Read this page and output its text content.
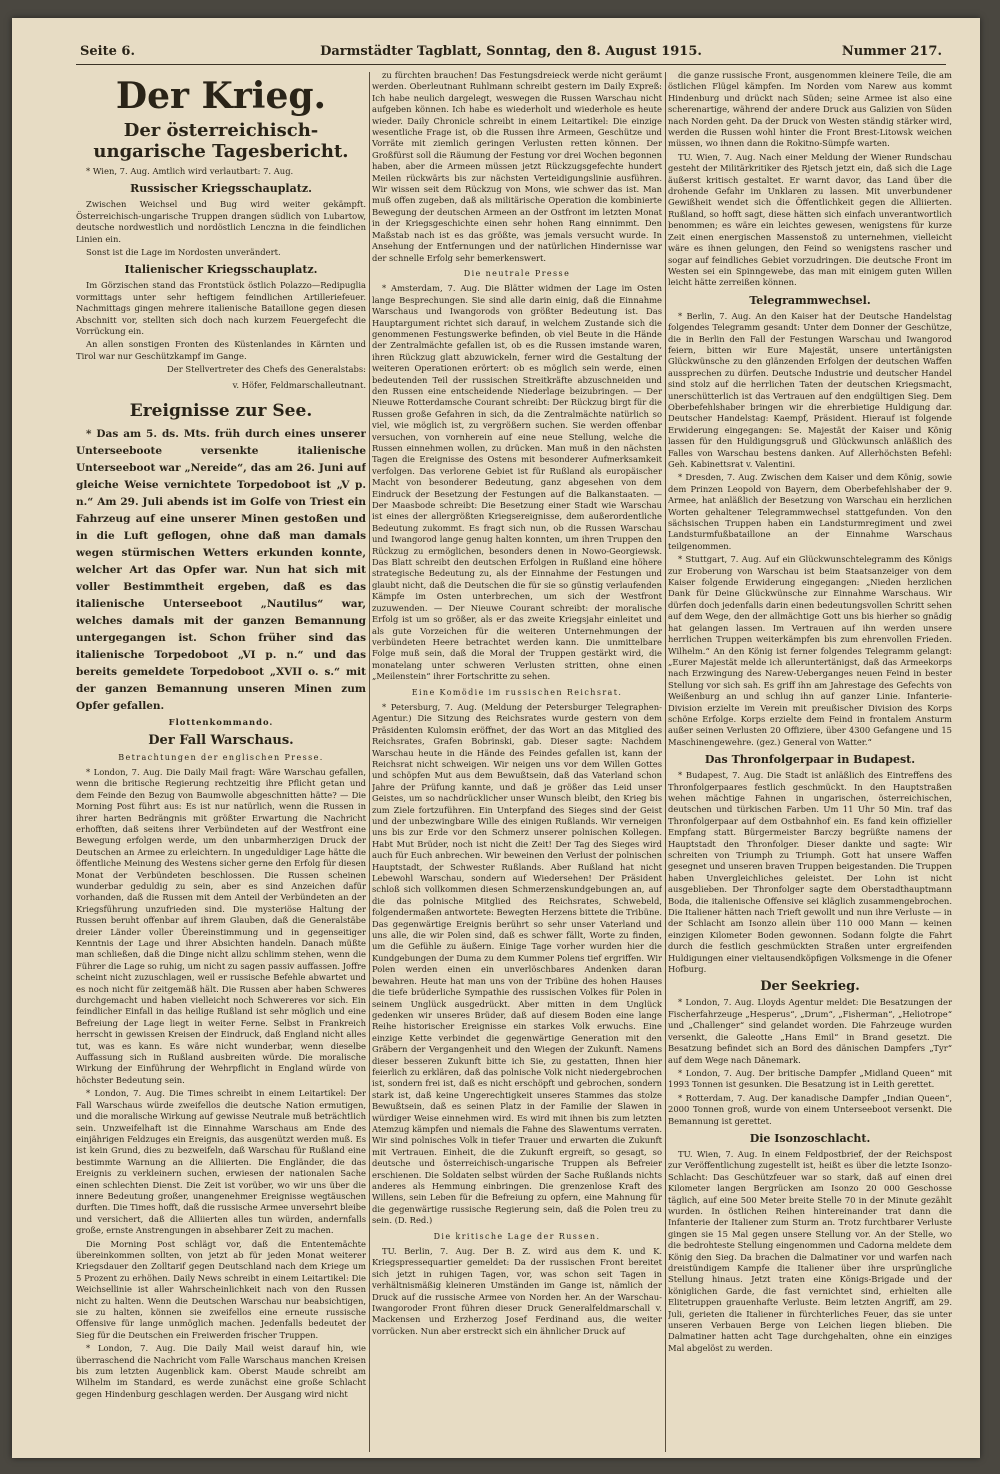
Seite 6.	Darmstädter Tagblatt, Sonntag, den 8. August 1915.	Nummer 217.
Der Krieg.
Der österreichisch-ungarische Tagesbericht.

* Wien, 7. Aug. Amtlich wird verlautbart: 7. Aug.

Russischer Kriegsschauplatz.

Zwischen Weichsel und Bug wird weiter gekämpft. Österreichisch-ungarische Truppen drangen südlich von Lubartow, deutsche nordwestlich und nordöstlich Lenczna in die feindlichen Linien ein.

Sonst ist die Lage im Nordosten unverändert.

Italienischer Kriegsschauplatz.

Im Görzischen stand das Frontstück östlich Polazzo—Redipuglia vormittags unter sehr heftigem feindlichen Artilleriefeuer. Nachmittags gingen mehrere italienische Bataillone gegen diesen Abschnitt vor, stellten sich doch nach kurzem Feuergefecht die Vorrückung ein.

An allen sonstigen Fronten des Küstenlandes in Kärnten und Tirol war nur Geschützkampf im Gange.

Der Stellvertreter des Chefs des Generalstabs:

v. Höfer, Feldmarschalleutnant.

Ereignisse zur See.

* Das am 5. ds. Mts. früh durch eines unserer Unterseeboote versenkte italienische Unterseeboot war „Nereide“, das am 26. Juni auf gleiche Weise vernichtete Torpedoboot ist „V p. n.“ Am 29. Juli abends ist im Golfe von Triest ein Fahrzeug auf eine unserer Minen gestoßen und in die Luft geflogen, ohne daß man damals wegen stürmischen Wetters erkunden konnte, welcher Art das Opfer war. Nun hat sich mit voller Bestimmtheit ergeben, daß es das italienische Unterseeboot „Nautilus“ war, welches damals mit der ganzen Bemannung untergegangen ist. Schon früher sind das italienische Torpedoboot „VI p. n.“ und das bereits gemeldete Torpedoboot „XVII o. s.“ mit der ganzen Bemannung unseren Minen zum Opfer gefallen.

Flottenkommando.

Der Fall Warschaus.

Betrachtungen der englischen Presse.

* London, 7. Aug. Die Daily Mail fragt: Wäre Warschau gefallen, wenn die britische Regierung rechtzeitig ihre Pflicht getan und dem Feinde den Bezug von Baumwolle abgeschnitten hätte? — Die Morning Post führt aus: Es ist nur natürlich, wenn die Russen in ihrer harten Bedrängnis mit größter Erwartung die Nachricht erhofften, daß seitens ihrer Verbündeten auf der Westfront eine Bewegung erfolgen werde, um den unbarmherzigen Druck der Deutschen an Armee zu erleichtern. In ungeduldiger Lage hätte die öffentliche Meinung des Westens sicher gerne den Erfolg für diesen Monat der Verbündeten beschlossen. Die Russen scheinen wunderbar geduldig zu sein, aber es sind Anzeichen dafür vorhanden, daß die Russen mit dem Anteil der Verbündeten an der Kriegsführung unzufrieden sind. Die mysteriöse Haltung der Russen beruht offenbar auf ihrem Glauben, daß die Generalstäbe dreier Länder voller Übereinstimmung und in gegenseitiger Kenntnis der Lage und ihrer Absichten handeln. Danach müßte man schließen, daß die Dinge nicht allzu schlimm stehen, wenn die Führer die Lage so ruhig, um nicht zu sagen passiv auffassen. Joffre scheint nicht zuzuschlagen, weil er russische Befehle abwartet und es noch nicht für zeitgemäß hält. Die Russen aber haben Schweres durchgemacht und haben vielleicht noch Schwereres vor sich. Ein feindlicher Einfall in das heilige Rußland ist sehr möglich und eine Befreiung der Lage liegt in weiter Ferne. Selbst in Frankreich herrscht in gewissen Kreisen der Eindruck, daß England nicht alles tut, was es kann. Es wäre nicht wunderbar, wenn dieselbe Auffassung sich in Rußland ausbreiten würde. Die moralische Wirkung der Einführung der Wehrpflicht in England würde von höchster Bedeutung sein.

* London, 7. Aug. Die Times schreibt in einem Leitartikel: Der Fall Warschaus würde zweifellos die deutsche Nation ermutigen, und die moralische Wirkung auf gewisse Neutrale muß beträchtlich sein. Unzweifelhaft ist die Einnahme Warschaus am Ende des einjährigen Feldzuges ein Ereignis, das ausgenützt werden muß. Es ist kein Grund, dies zu bezweifeln, daß Warschau für Rußland eine bestimmte Warnung an die Alliierten. Die Engländer, die das Ereignis zu verkleinern suchen, erwiesen der nationalen Sache einen schlechten Dienst. Die Zeit ist vorüber, wo wir uns über die innere Bedeutung großer, unangenehmer Ereignisse wegtäuschen durften. Die Times hofft, daß die russische Armee unversehrt bleibe und versichert, daß die Alliierten alles tun würden, andernfalls große, ernste Anstrengungen in absehbarer Zeit zu machen.

Die Morning Post schlägt vor, daß die Ententemächte übereinkommen sollten, von jetzt ab für jeden Monat weiterer Kriegsdauer den Zolltarif gegen Deutschland nach dem Kriege um 5 Prozent zu erhöhen. Daily News schreibt in einem Leitartikel: Die Weichsellinie ist aller Wahrscheinlichkeit nach von den Russen nicht zu halten. Wenn die Deutschen Warschau nur beabsichtigen, sie zu halten, können sie zweifellos eine erneute russische Offensive für lange unmöglich machen. Jedenfalls bedeutet der Sieg für die Deutschen ein Freiwerden frischer Truppen.

* London, 7. Aug. Die Daily Mail weist darauf hin, wie überraschend die Nachricht vom Falle Warschaus manchen Kreisen bis zum letzten Augenblick kam. Oberst Maude schreibt am Wilhelm im Standard, es werde zunächst eine große Schlacht gegen Hindenburg geschlagen werden. Der Ausgang wird nicht

zu fürchten brauchen! Das Festungsdreieck werde nicht geräumt werden. Oberleutnant Ruhlmann schreibt gestern im Daily Expreß: Ich habe neulich dargelegt, weswegen die Russen Warschau nicht aufgeben können. Ich habe es wiederholt und wiederhole es heute wieder. Daily Chronicle schreibt in einem Leitartikel: Die einzige wesentliche Frage ist, ob die Russen ihre Armeen, Geschütze und Vorräte mit ziemlich geringen Verlusten retten können. Der Großfürst soll die Räumung der Festung vor drei Wochen begonnen haben, aber die Armeen müssen jetzt Rückzugsgefechte hundert Meilen rückwärts bis zur nächsten Verteidigungslinie ausführen. Wir wissen seit dem Rückzug von Mons, wie schwer das ist. Man muß offen zugeben, daß als militärische Operation die kombinierte Bewegung der deutschen Armeen an der Ostfront im letzten Monat in der Kriegsgeschichte einen sehr hohen Rang einnimmt. Den Maßstab nach ist es das größte, was jemals versucht wurde. In Ansehung der Entfernungen und der natürlichen Hindernisse war der schnelle Erfolg sehr bemerkenswert.

Die neutrale Presse

* Amsterdam, 7. Aug. Die Blätter widmen der Lage im Osten lange Besprechungen. Sie sind alle darin einig, daß die Einnahme Warschaus und Iwangorods von größter Bedeutung ist. Das Hauptargument richtet sich darauf, in welchem Zustande sich die genommenen Festungswerke befinden, ob viel Beute in die Hände der Zentralmächte gefallen ist, ob es die Russen imstande waren, ihren Rückzug glatt abzuwickeln, ferner wird die Gestaltung der weiteren Operationen erörtert: ob es möglich sein werde, einen bedeutenden Teil der russischen Streitkräfte abzuschneiden und den Russen eine entscheidende Niederlage beizubringen. — Der Nieuwe Rotterdamsche Courant schreibt: Der Rückzug birgt für die Russen große Gefahren in sich, da die Zentralmächte natürlich so viel, wie möglich ist, zu vergrößern suchen. Sie werden offenbar versuchen, von vornherein auf eine neue Stellung, welche die Russen einnehmen wollen, zu drücken. Man muß in den nächsten Tagen die Ereignisse des Ostens mit besonderer Aufmerksamkeit verfolgen. Das verlorene Gebiet ist für Rußland als europäischer Macht von besonderer Bedeutung, ganz abgesehen von dem Eindruck der Besetzung der Festungen auf die Balkanstaaten. — Der Maasbode schreibt: Die Besetzung einer Stadt wie Warschau ist eines der allergrößten Kriegsereignisse, dem außerordentliche Bedeutung zukommt. Es fragt sich nun, ob die Russen Warschau und Iwangorod lange genug halten konnten, um ihren Truppen den Rückzug zu ermöglichen, besonders denen in Nowo-Georgiewsk. Das Blatt schreibt den deutschen Erfolgen in Rußland eine höhere strategische Bedeutung zu, als der Einnahme der Festungen und glaubt nicht, daß die Deutschen die für sie so günstig verlaufenden Kämpfe im Osten unterbrechen, um sich der Westfront zuzuwenden. — Der Nieuwe Courant schreibt: der moralische Erfolg ist um so größer, als er das zweite Kriegsjahr einleitet und als gute Vorzeichen für die weiteren Unternehmungen der verbündeten Heere betrachtet werden kann. Die unmittelbare Folge muß sein, daß die Moral der Truppen gestärkt wird, die monatelang unter schweren Verlusten stritten, ohne einen „Meilenstein“ ihrer Fortschritte zu sehen.

Eine Komödie im russischen Reichsrat.

* Petersburg, 7. Aug. (Meldung der Petersburger Telegraphen-Agentur.) Die Sitzung des Reichsrates wurde gestern von dem Präsidenten Kulomsin eröffnet, der das Wort an das Mitglied des Reichsrates, Grafen Bobrinski, gab. Dieser sagte: Nachdem Warschau heute in die Hände des Feindes gefallen ist, kann der Reichsrat nicht schweigen. Wir neigen uns vor dem Willen Gottes und schöpfen Mut aus dem Bewußtsein, daß das Vaterland schon Jahre der Prüfung kannte, und daß je größer das Leid unser Geistes, um so nachdrücklicher unser Wunsch bleibt, den Krieg bis zum Ziele fortzuführen. Ein Unterpfand des Sieges sind der Geist und der unbezwingbare Wille des einigen Rußlands. Wir verneigen uns bis zur Erde vor den Schmerz unserer polnischen Kollegen. Habt Mut Brüder, noch ist nicht die Zeit! Der Tag des Sieges wird auch für Euch anbrechen. Wir beweinen den Verlust der polnischen Hauptstadt, der Schwester Rußlands. Aber Rußland hat nicht Lebewohl Warschau, sondern auf Wiedersehen! Der Präsident schloß sich vollkommen diesen Schmerzenskundgebungen an, auf die das polnische Mitglied des Reichsrates, Schwebeld, folgendermaßen antwortete: Bewegten Herzens bittete die Tribüne. Das gegenwärtige Ereignis berührt so sehr unser Vaterland und uns alle, die wir Polen sind, daß es schwer fällt, Worte zu finden, um die Gefühle zu äußern. Einige Tage vorher wurden hier die Kundgebungen der Duma zu dem Kummer Polens tief ergriffen. Wir Polen werden einen ein unverlöschbares Andenken daran bewahren. Heute hat man uns von der Tribüne des hohen Hauses die tiefe brüderliche Sympathie des russischen Volkes für Polen in seinem Unglück ausgedrückt. Aber mitten in dem Unglück gedenken wir unseres Brüder, daß auf diesem Boden eine lange Reihe historischer Ereignisse ein starkes Volk erwuchs. Eine einzige Kette verbindet die gegenwärtige Generation mit den Gräbern der Vergangenheit und den Wiegen der Zukunft. Namens dieser besseren Zukunft bitte ich Sie, zu gestatten, Ihnen hier feierlich zu erklären, daß das polnische Volk nicht niedergebrochen ist, sondern frei ist, daß es nicht erschöpft und gebrochen, sondern stark ist, daß keine Ungerechtigkeit unseres Stammes das stolze Bewußtsein, daß es seinen Platz in der Familie der Slawen in würdiger Weise einnehmen wird. Es wird mit ihnen bis zum letzten Atemzug kämpfen und niemals die Fahne des Slawentums verraten. Wir sind polnisches Volk in tiefer Trauer und erwarten die Zukunft mit Vertrauen. Einheit, die die Zukunft ergreift, so gesagt, so deutsche und österreichisch-ungarische Truppen als Befreier erschienen. Die Soldaten selbst würden der Sache Rußlands nichts anderes als Hemmung einbringen. Die grenzenlose Kraft des Willens, sein Leben für die Befreiung zu opfern, eine Mahnung für die gegenwärtige russische Regierung sein, daß die Polen treu zu sein. (D. Red.)

Die kritische Lage der Russen.

TU. Berlin, 7. Aug. Der B. Z. wird aus dem K. und K. Kriegspressequartier gemeldet: Da der russischen Front bereitet sich jetzt in ruhigen Tagen, vor, was schon seit Tagen in verhältnismäßig kleineren Umständen im Gange ist, nämlich der Druck auf die russische Armee von Norden her. An der Warschau-Iwangoroder Front führen dieser Druck Generalfeldmarschall v. Mackensen und Erzherzog Josef Ferdinand aus, die weiter vorrücken. Nun aber erstreckt sich ein ähnlicher Druck auf

die ganze russische Front, ausgenommen kleinere Teile, die am östlichen Flügel kämpfen. Im Norden vom Narew aus kommt Hindenburg und drückt nach Süden; seine Armee ist also eine scherenartige, während der andere Druck aus Galizien von Süden nach Norden geht. Da der Druck von Westen ständig stärker wird, werden die Russen wohl hinter die Front Brest-Litowsk weichen müssen, wo ihnen dann die Rokitno-Sümpfe warten.

TU. Wien, 7. Aug. Nach einer Meldung der Wiener Rundschau gesteht der Militärkritiker des Rjetsch jetzt ein, daß sich die Lage äußerst kritisch gestaltet. Er warnt davor, das Land über die drohende Gefahr im Unklaren zu lassen. Mit unverbundener Gewißheit wendet sich die Öffentlichkeit gegen die Alliierten. Rußland, so hofft sagt, diese hätten sich einfach unverantwortlich benommen; es wäre ein leichtes gewesen, wenigstens für kurze Zeit einen energischen Massenstoß zu unternehmen, vielleicht wäre es ihnen gelungen, den Feind so wenigstens rascher und sogar auf feindliches Gebiet vorzudringen. Die deutsche Front im Westen sei ein Spinngewebe, das man mit einigem guten Willen leicht hätte zerreißen können.

Telegrammwechsel.

* Berlin, 7. Aug. An den Kaiser hat der Deutsche Handelstag folgendes Telegramm gesandt: Unter dem Donner der Geschütze, die in Berlin den Fall der Festungen Warschau und Iwangorod feiern, bitten wir Eure Majestät, unsere untertänigsten Glückwünsche zu den glänzenden Erfolgen der deutschen Waffen aussprechen zu dürfen. Deutsche Industrie und deutscher Handel sind stolz auf die herrlichen Taten der deutschen Kriegsmacht, unerschütterlich ist das Vertrauen auf den endgültigen Sieg. Dem Oberbefehlshaber bringen wir die ehrerbietige Huldigung dar. Deutscher Handelstag: Kaempf, Präsident. Hierauf ist folgende Erwiderung eingegangen: Se. Majestät der Kaiser und König lassen für den Huldigungsgruß und Glückwunsch anläßlich des Falles von Warschau bestens danken. Auf Allerhöchsten Befehl: Geh. Kabinettsrat v. Valentini.

* Dresden, 7. Aug. Zwischen dem Kaiser und dem König, sowie dem Prinzen Leopold von Bayern, dem Oberbefehlshaber der 9. Armee, hat anläßlich der Besetzung von Warschau ein herzlichen Worten gehaltener Telegrammwechsel stattgefunden. Von den sächsischen Truppen haben ein Landsturmregiment und zwei Landsturmfußbataillone an der Einnahme Warschaus teilgenommen.

* Stuttgart, 7. Aug. Auf ein Glückwunschtelegramm des Königs zur Eroberung von Warschau ist beim Staatsanzeiger von dem Kaiser folgende Erwiderung eingegangen: „Nieden herzlichen Dank für Deine Glückwünsche zur Einnahme Warschaus. Wir dürfen doch jedenfalls darin einen bedeutungsvollen Schritt sehen auf dem Wege, den der allmächtige Gott uns bis hierher so gnädig hat gelangen lassen. Im Vertrauen auf ihn werden unsere herrlichen Truppen weiterkämpfen bis zum ehrenvollen Frieden. Wilhelm.“ An den König ist ferner folgendes Telegramm gelangt: „Eurer Majestät melde ich alleruntertänigst, daß das Armeekorps nach Erzwingung des Narew-Ueberganges neuen Feind in bester Stellung vor sich sah. Es griff ihn am Jahrestage des Gefechts von Weißenburg an und schlug ihn auf ganzer Linie. Infanterie-Division erzielte im Verein mit preußischer Division des Korps schöne Erfolge. Korps erzielte dem Feind in frontalem Ansturm außer seinen Verlusten 20 Offiziere, über 4300 Gefangene und 15 Maschinengewehre. (gez.) General von Watter.“

Das Thronfolgerpaar in Budapest.

* Budapest, 7. Aug. Die Stadt ist anläßlich des Eintreffens des Thronfolgerpaares festlich geschmückt. In den Hauptstraßen wehen mächtige Fahnen in ungarischen, österreichischen, deutschen und türkischen Farben. Um 11 Uhr 50 Min. traf das Thronfolgerpaar auf dem Ostbahnhof ein. Es fand kein offizieller Empfang statt. Bürgermeister Barczy begrüßte namens der Hauptstadt den Thronfolger. Dieser dankte und sagte: Wir schreiten von Triumph zu Triumph. Gott hat unsere Waffen gesegnet und unseren braven Truppen beigestanden. Die Truppen haben Unvergleichliches geleistet. Der Lohn ist nicht ausgeblieben. Der Thronfolger sagte dem Oberstadthauptmann Boda, die italienische Offensive sei kläglich zusammengebrochen. Die Italiener hätten nach Trieft gewollt und nun ihre Verluste — in der Schlacht am Isonzo allein über 110 000 Mann — keinen einzigen Kilometer Boden gewonnen. Sodann folgte die Fahrt durch die festlich geschmückten Straßen unter ergreifenden Huldigungen einer vieltausendköpfigen Volksmenge in die Ofener Hofburg.

Der Seekrieg.

* London, 7. Aug. Lloyds Agentur meldet: Die Besatzungen der Fischerfahrzeuge „Hesperus“, „Drum“, „Fisherman“, „Heliotrope“ und „Challenger“ sind gelandet worden. Die Fahrzeuge wurden versenkt, die Galeotte „Hans Emil“ in Brand gesetzt. Die Besatzung befindet sich an Bord des dänischen Dampfers „Tyr“ auf dem Wege nach Dänemark.

* London, 7. Aug. Der britische Dampfer „Midland Queen“ mit 1993 Tonnen ist gesunken. Die Besatzung ist in Leith gerettet.

* Rotterdam, 7. Aug. Der kanadische Dampfer „Indian Queen“, 2000 Tonnen groß, wurde von einem Unterseeboot versenkt. Die Bemannung ist gerettet.

Die Isonzoschlacht.

TU. Wien, 7. Aug. In einem Feldpostbrief, der der Reichspost zur Veröffentlichung zugestellt ist, heißt es über die letzte Isonzo-Schlacht: Das Geschützfeuer war so stark, daß auf einen drei Kilometer langen Bergrücken am Isonzo 20 000 Geschosse täglich, auf eine 500 Meter breite Stelle 70 in der Minute gezählt wurden. In östlichen Reihen hintereinander trat dann die Infanterie der Italiener zum Sturm an. Trotz furchtbarer Verluste gingen sie 15 Mal gegen unsere Stellung vor. An der Stelle, wo die bedrohteste Stellung eingenommen und Cadorna meldete dem König den Sieg. Da brachen die Dalmatiner vor und warfen nach dreistündigem Kampfe die Italiener über ihre ursprüngliche Stellung hinaus. Jetzt traten eine Königs-Brigade und der königlichen Garde, die fast vernichtet sind, erhielten alle Elitetruppen grauenhafte Verluste. Beim letzten Angriff, am 29. Juli, gerieten die Italiener in fürchterliches Feuer, das sie unter unseren Verbauen Berge von Leichen liegen blieben. Die Dalmatiner hatten acht Tage durchgehalten, ohne ein einziges Mal abgelöst zu werden.
